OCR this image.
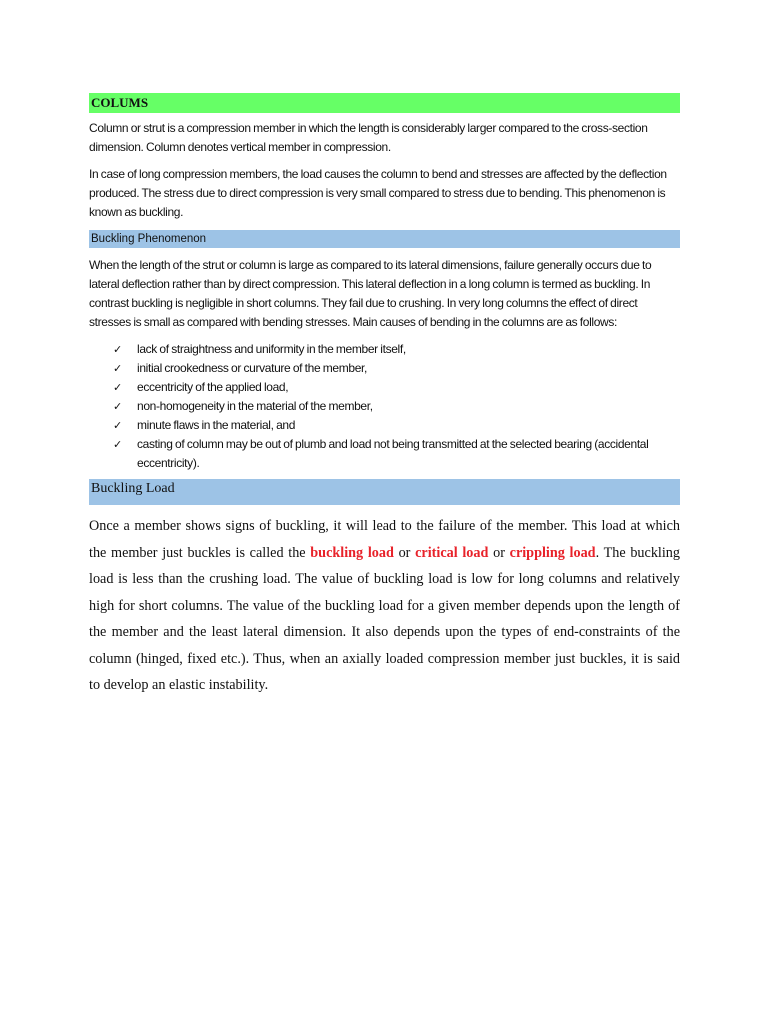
COLUMS

Column or strut is a compression member in which the length is considerably larger compared to the cross-section dimension. Column denotes vertical member in compression.

In case of long compression members, the load causes the column to bend and stresses are affected by the deflection produced. The stress due to direct compression is very small compared to stress due to bending. This phenomenon is known as buckling.

Buckling Phenomenon

When the length of the strut or column is large as compared to its lateral dimensions, failure generally occurs due to lateral deflection rather than by direct compression. This lateral deflection in a long column is termed as buckling. In contrast buckling is negligible in short columns. They fail due to crushing. In very long columns the effect of direct stresses is small as compared with bending stresses. Main causes of bending in the columns are as follows:

✓ lack of straightness and uniformity in the member itself,
✓ initial crookedness or curvature of the member,
✓ eccentricity of the applied load,
✓ non-homogeneity in the material of the member,
✓ minute flaws in the material, and
✓ casting of column may be out of plumb and load not being transmitted at the selected bearing (accidental eccentricity).
Buckling Load

Once a member shows signs of buckling, it will lead to the failure of the member. This load at which the member just buckles is called the buckling load or critical load or crippling load. The buckling load is less than the crushing load. The value of buckling load is low for long columns and relatively high for short columns. The value of the buckling load for a given member depends upon the length of the member and the least lateral dimension. It also depends upon the types of end-constraints of the column (hinged, fixed etc.). Thus, when an axially loaded compression member just buckles, it is said to develop an elastic instability.
